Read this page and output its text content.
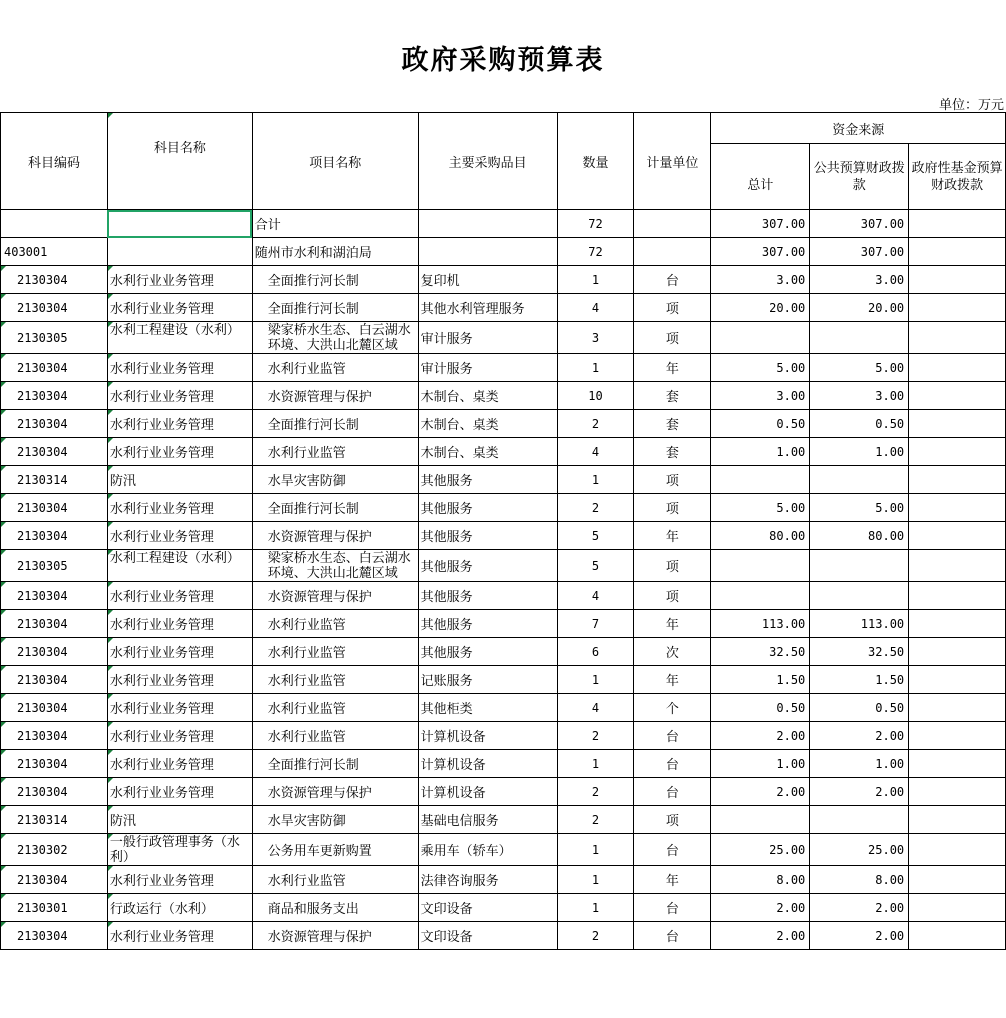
政府采购预算表
单位：万元
科目编码	科目名称	项目名称	主要采购品目	数量	计量单位	资金来源		
						总计	公共预算财政拨款	政府性基金预算财政拨款
		合计		72		307.00	307.00	
403001		随州市水利和湖泊局		72		307.00	307.00	
2130304	水利行业业务管理	全面推行河长制	复印机	1	台	3.00	3.00	
2130304	水利行业业务管理	全面推行河长制	其他水利管理服务	4	项	20.00	20.00	
2130305	水利工程建设（水利）	梁家桥水生态、白云湖水环境、大洪山北麓区域	审计服务	3	项			
2130304	水利行业业务管理	水利行业监管	审计服务	1	年	5.00	5.00	
2130304	水利行业业务管理	水资源管理与保护	木制台、桌类	10	套	3.00	3.00	
2130304	水利行业业务管理	全面推行河长制	木制台、桌类	2	套	0.50	0.50	
2130304	水利行业业务管理	水利行业监管	木制台、桌类	4	套	1.00	1.00	
2130314	防汛	水旱灾害防御	其他服务	1	项			
2130304	水利行业业务管理	全面推行河长制	其他服务	2	项	5.00	5.00	
2130304	水利行业业务管理	水资源管理与保护	其他服务	5	年	80.00	80.00	
2130305	水利工程建设（水利）	梁家桥水生态、白云湖水环境、大洪山北麓区域	其他服务	5	项			
2130304	水利行业业务管理	水资源管理与保护	其他服务	4	项			
2130304	水利行业业务管理	水利行业监管	其他服务	7	年	113.00	113.00	
2130304	水利行业业务管理	水利行业监管	其他服务	6	次	32.50	32.50	
2130304	水利行业业务管理	水利行业监管	记账服务	1	年	1.50	1.50	
2130304	水利行业业务管理	水利行业监管	其他柜类	4	个	0.50	0.50	
2130304	水利行业业务管理	水利行业监管	计算机设备	2	台	2.00	2.00	
2130304	水利行业业务管理	全面推行河长制	计算机设备	1	台	1.00	1.00	
2130304	水利行业业务管理	水资源管理与保护	计算机设备	2	台	2.00	2.00	
2130314	防汛	水旱灾害防御	基础电信服务	2	项			
2130302	一般行政管理事务（水利）	公务用车更新购置	乘用车（轿车）	1	台	25.00	25.00	
2130304	水利行业业务管理	水利行业监管	法律咨询服务	1	年	8.00	8.00	
2130301	行政运行（水利）	商品和服务支出	文印设备	1	台	2.00	2.00	
2130304	水利行业业务管理	水资源管理与保护	文印设备	2	台	2.00	2.00	
